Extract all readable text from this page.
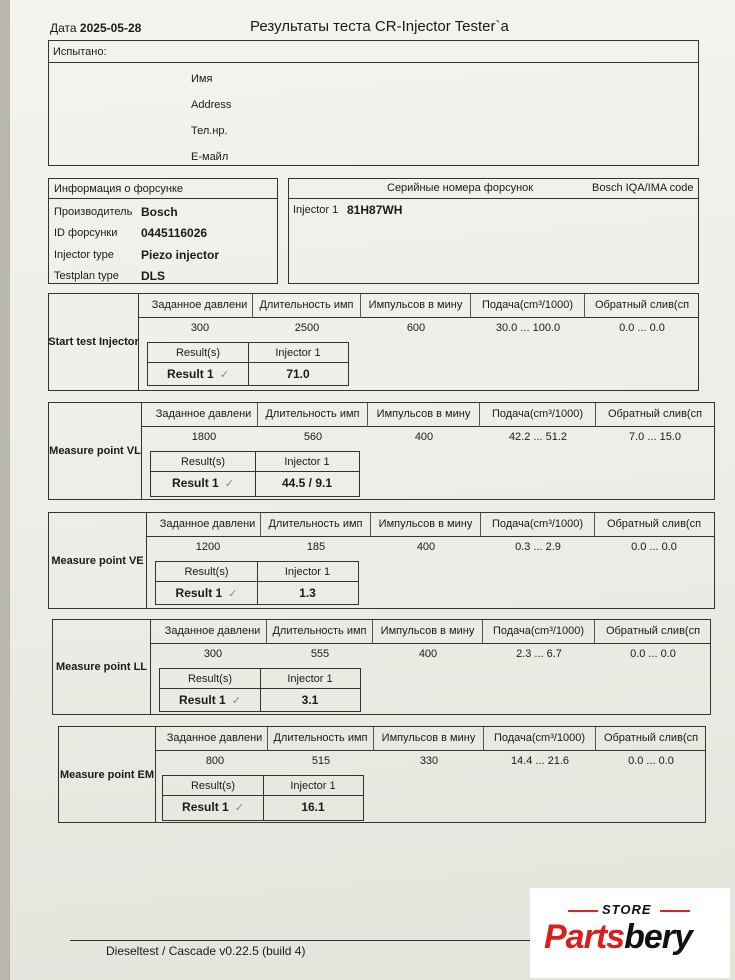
Дата 2025-05-28	Результаты теста CR-Injector Tester`a
Испытано:
Имя
Address
Тел.нр.
Е-майл
Информация о форсунке
Производитель Bosch
ID форсунки 0445116026
Injector type Piezo injector
Testplan type DLS
Серийные номера форсунок	Bosch IQA/IMA code
Injector 1 81H87WH
Start test Injector
Заданное давлени	Длительность имп	Импульсов в мину	Подача(cm³/1000)	Обратный слив(cп
300	2500	600	30.0 ... 100.0	0.0 ... 0.0
Result(s)	Injector 1
Result 1 ✓	71.0
Measure point VL
Заданное давлени	Длительность имп	Импульсов в мину	Подача(cm³/1000)	Обратный слив(cп
1800	560	400	42.2 ... 51.2	7.0 ... 15.0
Result(s)	Injector 1
Result 1 ✓	44.5 / 9.1
Measure point VE
Заданное давлени	Длительность имп	Импульсов в мину	Подача(cm³/1000)	Обратный слив(cп
1200	185	400	0.3 ... 2.9	0.0 ... 0.0
Result(s)	Injector 1
Result 1 ✓	1.3
Measure point LL
Заданное давлени	Длительность имп	Импульсов в мину	Подача(cm³/1000)	Обратный слив(cп
300	555	400	2.3 ... 6.7	0.0 ... 0.0
Result(s)	Injector 1
Result 1 ✓	3.1
Measure point EM
Заданное давлени	Длительность имп	Импульсов в мину	Подача(cm³/1000)	Обратный слив(cп
800	515	330	14.4 ... 21.6	0.0 ... 0.0
Result(s)	Injector 1
Result 1 ✓	16.1
Dieseltest / Cascade v0.22.5 (build 4)
STORE
Partsbery
